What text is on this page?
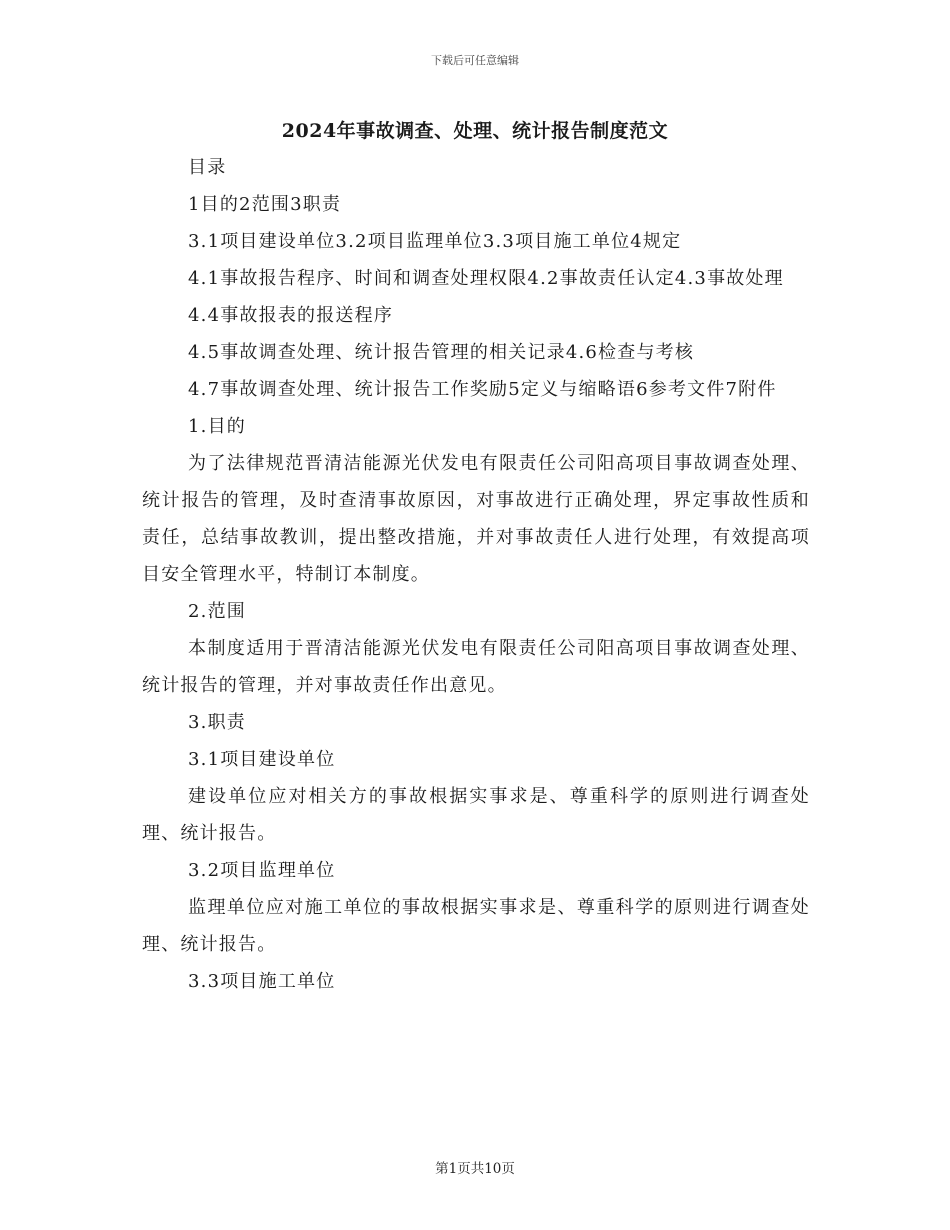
下载后可任意编辑
2024年事故调查、处理、统计报告制度范文

目录

1目的2范围3职责

3.1项目建设单位3.2项目监理单位3.3项目施工单位4规定

4.1事故报告程序、时间和调查处理权限4.2事故责任认定4.3事故处理

4.4事故报表的报送程序

4.5事故调查处理、统计报告管理的相关记录4.6检查与考核

4.7事故调查处理、统计报告工作奖励5定义与缩略语6参考文件7附件

1.目的

为了法律规范晋清洁能源光伏发电有限责任公司阳高项目事故调查处理、统计报告的管理，及时查清事故原因，对事故进行正确处理，界定事故性质和责任，总结事故教训，提出整改措施，并对事故责任人进行处理，有效提高项目安全管理水平，特制订本制度。

2.范围

本制度适用于晋清洁能源光伏发电有限责任公司阳高项目事故调查处理、统计报告的管理，并对事故责任作出意见。

3.职责

3.1项目建设单位

建设单位应对相关方的事故根据实事求是、尊重科学的原则进行调查处理、统计报告。

3.2项目监理单位

监理单位应对施工单位的事故根据实事求是、尊重科学的原则进行调查处理、统计报告。

3.3项目施工单位

第1页共10页
